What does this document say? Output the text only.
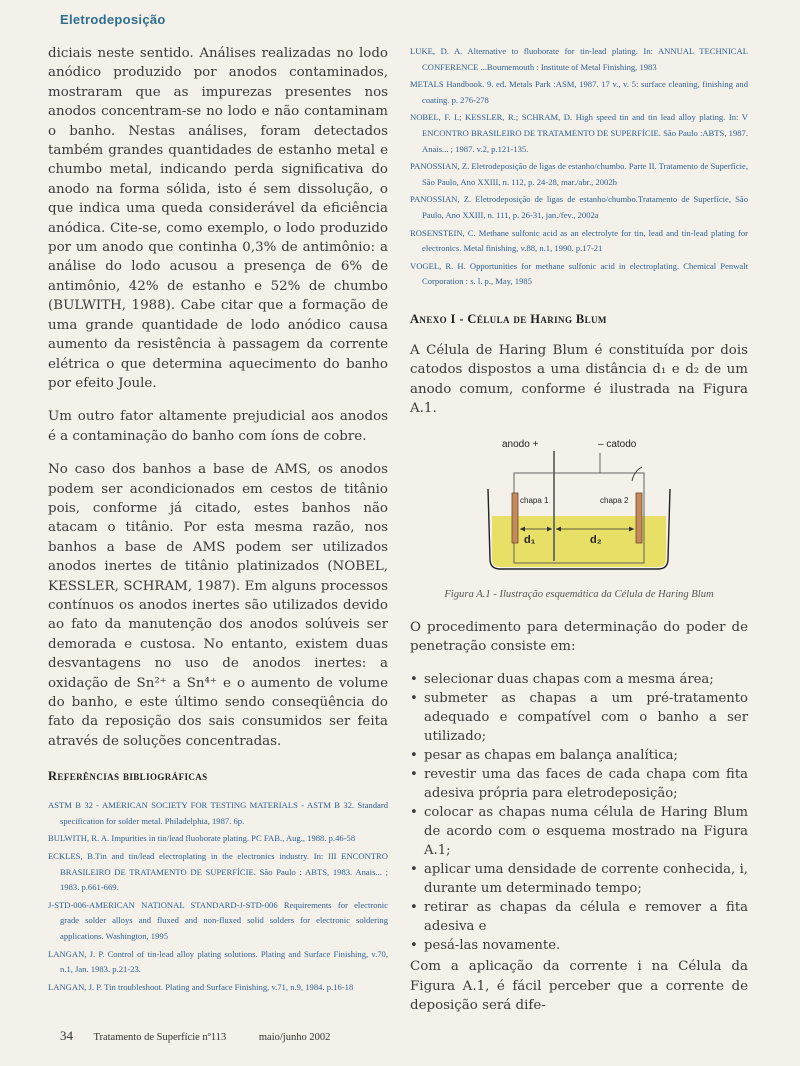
Eletrodeposição

diciais neste sentido. Análises realizadas no lodo anódico produzido por anodos contaminados, mostraram que as impurezas presentes nos anodos concentram-se no lodo e não contaminam o banho. Nestas análises, foram detectados também grandes quantidades de estanho metal e chumbo metal, indicando perda significativa do anodo na forma sólida, isto é sem dissolução, o que indica uma queda considerável da eficiência anódica. Cite-se, como exemplo, o lodo produzido por um anodo que continha 0,3% de antimônio: a análise do lodo acusou a presença de 6% de antimônio, 42% de estanho e 52% de chumbo (BULWITH, 1988). Cabe citar que a formação de uma grande quantidade de lodo anódico causa aumento da resistência à passagem da corrente elétrica o que determina aquecimento do banho por efeito Joule.

Um outro fator altamente prejudicial aos anodos é a contaminação do banho com íons de cobre.

No caso dos banhos a base de AMS, os anodos podem ser acondicionados em cestos de titânio pois, conforme já citado, estes banhos não atacam o titânio. Por esta mesma razão, nos banhos a base de AMS podem ser utilizados anodos inertes de titânio platinizados (NOBEL, KESSLER, SCHRAM, 1987). Em alguns processos contínuos os anodos inertes são utilizados devido ao fato da manutenção dos anodos solúveis ser demorada e custosa. No entanto, existem duas desvantagens no uso de anodos inertes: a oxidação de Sn²⁺ a Sn⁴⁺ e o aumento de volume do banho, e este último sendo conseqüência do fato da reposição dos sais consumidos ser feita através de soluções concentradas.

Referências bibliográficas
ASTM B 32 - AMERICAN SOCIETY FOR TESTING MATERIALS - ASTM B 32. Standard specification for solder metal. Philadelphia, 1987. 6p.
BULWITH, R. A. Impurities in tin/lead fluoborate plating. PC FAB., Aug., 1988. p.46-58
ECKLES, B.Tin and tin/lead electroplating in the electronics industry. In: III ENCONTRO BRASILEIRO DE TRATAMENTO DE SUPERFÍCIE. São Paulo : ABTS, 1983. Anais... ; 1983. p.661-669.
J-STD-006-AMERICAN NATIONAL STANDARD-J-STD-006 Requirements for electronic grade solder alloys and fluxed and non-fluxed solid solders for electronic soldering applications. Washington, 1995
LANGAN, J. P. Control of tin-lead alloy plating solutions. Plating and Surface Finishing, v.70, n.1, Jan. 1983. p.21-23.
LANGAN, J. P. Tin troubleshoot. Plating and Surface Finishing, v.71, n.9, 1984. p.16-18
LUKE, D. A. Alternative to fluoborate for tin-lead plating. In: ANNUAL TECHNICAL CONFERENCE ...Bournemouth : Institute of Metal Finishing, 1983
METALS Handbook. 9. ed. Metals Park :ASM, 1987. 17 v., v. 5: surface cleaning, finishing and coating. p. 276-278
NOBEL, F. I.; KESSLER, R.; SCHRAM, D. High speed tin and tin lead alloy plating. In: V ENCONTRO BRASILEIRO DE TRATAMENTO DE SUPERFÍCIE. São Paulo :ABTS, 1987. Anais... ; 1987. v.2, p.121-135.
PANOSSIAN, Z. Eletrodeposição de ligas de estanho/chumbo. Parte II. Tratamento de Superfície, São Paulo, Ano XXIII, n. 112, p. 24-28, mar./abr., 2002b
PANOSSIAN, Z. Eletrodeposição de ligas de estanho/chumbo.Tratamento de Superfície, São Paulo, Ano XXIII, n. 111, p. 26-31, jan./fev., 2002a
ROSENSTEIN, C. Methane sulfonic acid as an electrolyte for tin, lead and tin-lead plating for electronics. Metal finishing, v.88, n.1, 1990. p.17-21
VOGEL, R. H. Opportunities for methane sulfonic acid in electroplating. Chemical Penwalt Corporation : s. l. p., May, 1985
Anexo I - Célula de Haring Blum

A Célula de Haring Blum é constituída por dois catodos dispostos a uma distância d₁ e d₂ de um anodo comum, conforme é ilustrada na Figura A.1.

anodo +	– catodo
chapa 1	chapa 2
d₁	d₂
Figura A.1 - Ilustração esquemática da Célula de Haring Blum

O procedimento para determinação do poder de penetração consiste em:

• selecionar duas chapas com a mesma área;
• submeter as chapas a um pré-tratamento adequado e compatível com o banho a ser utilizado;
• pesar as chapas em balança analítica;
• revestir uma das faces de cada chapa com fita adesiva própria para eletrodeposição;
• colocar as chapas numa célula de Haring Blum de acordo com o esquema mostrado na Figura A.1;
• aplicar uma densidade de corrente conhecida, i, durante um determinado tempo;
• retirar as chapas da célula e remover a fita adesiva e
• pesá-las novamente.

Com a aplicação da corrente i na Célula da Figura A.1, é fácil perceber que a corrente de deposição será dife-

34 Tratamento de Superfície nº113	maio/junho 2002
